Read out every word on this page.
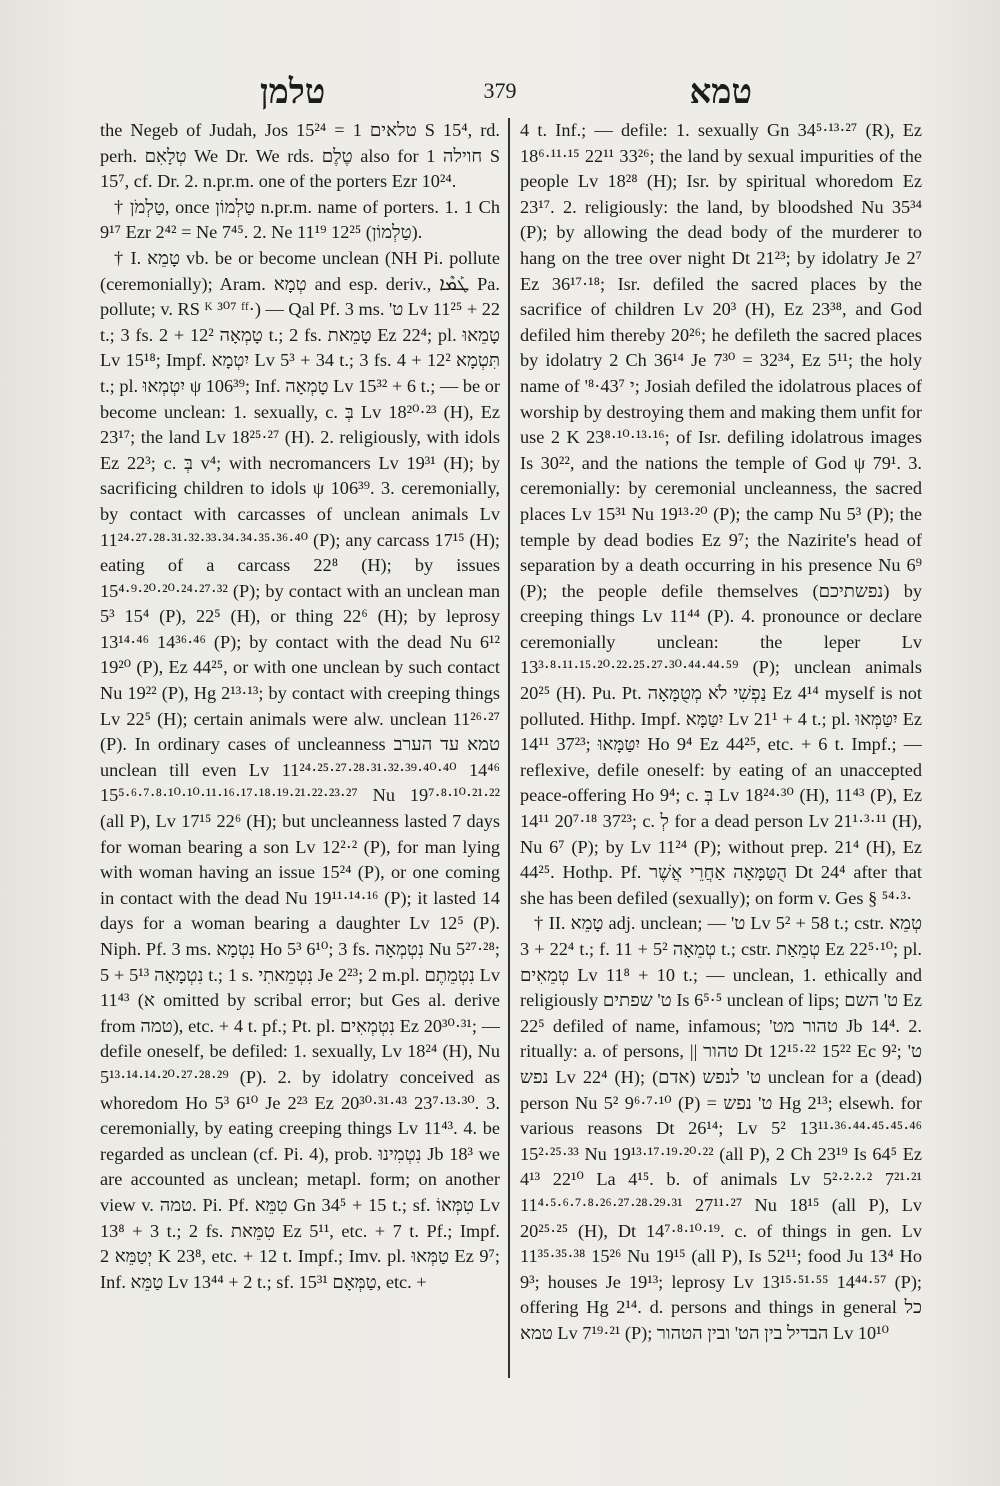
טלמן	379	טמא

the Negeb of Judah, Jos 15²⁴ = טלאים 1 S 15⁴, rd. perh. טְלָאִם We Dr. We rds. טֶלֶם also for חוילה 1 S 15⁷, cf. Dr. 2. n.pr.m. one of the porters Ezr 10²⁴.

† טַלְמֹן, once טַלְמוֹן n.pr.m. name of porters. 1. 1 Ch 9¹⁷ Ezr 2⁴² = Ne 7⁴⁵. 2. Ne 11¹⁹ 12²⁵ (טַלְמוֹן).

† I. טָמֵא vb. be or become unclean (NH Pi. pollute (ceremonially); Aram. טְמָא and esp. deriv., ܛܰܡܶܐ Pa. pollute; v. RS ᴷ ³⁰⁷ ᶠᶠ·) — Qal Pf. 3 ms. 'ט Lv 11²⁵ + 22 t.; 3 fs. טָמְאָה 12² + 2 t.; 2 fs. טָמֵאת Ez 22⁴; pl. טָמֵאוּ Lv 15¹⁸; Impf. יִטְמָא Lv 5³ + 34 t.; 3 fs. תִּטְמָא 12² + 4 t.; pl. יִטְמְאוּ ψ 106³⁹; Inf. טָמְאָה Lv 15³² + 6 t.; — be or become unclean: 1. sexually, c. בְּ Lv 18²⁰·²³ (H), Ez 23¹⁷; the land Lv 18²⁵·²⁷ (H). 2. religiously, with idols Ez 22³; c. בְּ v⁴; with necromancers Lv 19³¹ (H); by sacrificing children to idols ψ 106³⁹. 3. ceremonially, by contact with carcasses of unclean animals Lv 11²⁴·²⁷·²⁸·³¹·³²·³³·³⁴·³⁴·³⁵·³⁶·⁴⁰ (P); any carcass 17¹⁵ (H); eating of a carcass 22⁸ (H); by issues 15⁴·⁹·²⁰·²⁰·²⁴·²⁷·³² (P); by contact with an unclean man 5³ 15⁴ (P), 22⁵ (H), or thing 22⁶ (H); by leprosy 13¹⁴·⁴⁶ 14³⁶·⁴⁶ (P); by contact with the dead Nu 6¹² 19²⁰ (P), Ez 44²⁵, or with one unclean by such contact Nu 19²² (P), Hg 2¹³·¹³; by contact with creeping things Lv 22⁵ (H); certain animals were alw. unclean 11²⁶·²⁷ (P). In ordinary cases of uncleanness טמא עד הערב unclean till even Lv 11²⁴·²⁵·²⁷·²⁸·³¹·³²·³⁹·⁴⁰·⁴⁰ 14⁴⁶ 15⁵·⁶·⁷·⁸·¹⁰·¹⁰·¹¹·¹⁶·¹⁷·¹⁸·¹⁹·²¹·²²·²³·²⁷ Nu 19⁷·⁸·¹⁰·²¹·²² (all P), Lv 17¹⁵ 22⁶ (H); but uncleanness lasted 7 days for woman bearing a son Lv 12²·² (P), for man lying with woman having an issue 15²⁴ (P), or one coming in contact with the dead Nu 19¹¹·¹⁴·¹⁶ (P); it lasted 14 days for a woman bearing a daughter Lv 12⁵ (P). Niph. Pf. 3 ms. נִטְמָא Ho 5³ 6¹⁰; 3 fs. נִטְמְאָה Nu 5²⁷·²⁸; נִטְמָאָה 5¹³ + 5 t.; 1 s. נִטְמֵאתִי Je 2²³; 2 m.pl. נִטְמֵתֶם Lv 11⁴³ (א omitted by scribal error; but Ges al. derive from טמה), etc. + 4 t. pf.; Pt. pl. נִטְמְאִים Ez 20³⁰·³¹; — defile oneself, be defiled: 1. sexually, Lv 18²⁴ (H), Nu 5¹³·¹⁴·¹⁴·²⁰·²⁷·²⁸·²⁹ (P). 2. by idolatry conceived as whoredom Ho 5³ 6¹⁰ Je 2²³ Ez 20³⁰·³¹·⁴³ 23⁷·¹³·³⁰. 3. ceremonially, by eating creeping things Lv 11⁴³. 4. be regarded as unclean (cf. Pi. 4), prob. נִטְמִינוּ Jb 18³ we are accounted as unclean; metapl. form; on another view v. טמה. Pi. Pf. טִמֵּא Gn 34⁵ + 15 t.; sf. טִמְּאוֹ Lv 13⁸ + 3 t.; 2 fs. טִמֵּאת Ez 5¹¹, etc. + 7 t. Pf.; Impf. יְטַמֵּא 2 K 23⁸, etc. + 12 t. Impf.; Imv. pl. טַמְּאוּ Ez 9⁷; Inf. טַמֵּא Lv 13⁴⁴ + 2 t.; sf. טַמְּאָם 15³¹, etc. +

4 t. Inf.; — defile: 1. sexually Gn 34⁵·¹³·²⁷ (R), Ez 18⁶·¹¹·¹⁵ 22¹¹ 33²⁶; the land by sexual impurities of the people Lv 18²⁸ (H); Isr. by spiritual whoredom Ez 23¹⁷. 2. religiously: the land, by bloodshed Nu 35³⁴ (P); by allowing the dead body of the murderer to hang on the tree over night Dt 21²³; by idolatry Je 2⁷ Ez 36¹⁷·¹⁸; Isr. defiled the sacred places by the sacrifice of children Lv 20³ (H), Ez 23³⁸, and God defiled him thereby 20²⁶; he defileth the sacred places by idolatry 2 Ch 36¹⁴ Je 7³⁰ = 32³⁴, Ez 5¹¹; the holy name of 'י 43⁷·⁸; Josiah defiled the idolatrous places of worship by destroying them and making them unfit for use 2 K 23⁸·¹⁰·¹³·¹⁶; of Isr. defiling idolatrous images Is 30²², and the nations the temple of God ψ 79¹. 3. ceremonially: by ceremonial uncleanness, the sacred places Lv 15³¹ Nu 19¹³·²⁰ (P); the camp Nu 5³ (P); the temple by dead bodies Ez 9⁷; the Nazirite's head of separation by a death occurring in his presence Nu 6⁹ (P); the people defile themselves (נפשתיכם) by creeping things Lv 11⁴⁴ (P). 4. pronounce or declare ceremonially unclean: the leper Lv 13³·⁸·¹¹·¹⁵·²⁰·²²·²⁵·²⁷·³⁰·⁴⁴·⁴⁴·⁵⁹ (P); unclean animals 20²⁵ (H). Pu. Pt. נַפְשִׁי לֹא מְטֻמָּאָה Ez 4¹⁴ myself is not polluted. Hithp. Impf. יִטַּמָּא Lv 21¹ + 4 t.; pl. יִטַּמְּאוּ Ez 14¹¹ 37²³; יִטַּמָּאוּ Ho 9⁴ Ez 44²⁵, etc. + 6 t. Impf.; — reflexive, defile oneself: by eating of an unaccepted peace-offering Ho 9⁴; c. בְּ Lv 18²⁴·³⁰ (H), 11⁴³ (P), Ez 14¹¹ 20⁷·¹⁸ 37²³; c. לְ for a dead person Lv 21¹·³·¹¹ (H), Nu 6⁷ (P); by Lv 11²⁴ (P); without prep. 21⁴ (H), Ez 44²⁵. Hothp. Pf. הֻטַּמָּאָה אַחֲרֵי אֲשֶׁר Dt 24⁴ after that she has been defiled (sexually); on form v. Ges § ⁵⁴·³·

† II. טָמֵא adj. unclean; — 'ט Lv 5² + 58 t.; cstr. טְמֵא 22⁴ + 3 t.; f. טְמֵאָה 5² + 11 t.; cstr. טְמֵאַת Ez 22⁵·¹⁰; pl. טְמֵאִים Lv 11⁸ + 10 t.; — unclean, 1. ethically and religiously ט' שפתים Is 6⁵·⁵ unclean of lips; ט' השם Ez 22⁵ defiled of name, infamous; 'טהור מט Jb 14⁴. 2. ritually: a. of persons, || טהור Dt 12¹⁵·²² 15²² Ec 9²; ט' נפש Lv 22⁴ (H); ט' לנפש (אדם) unclean for a (dead) person Nu 5² 9⁶·⁷·¹⁰ (P) = ט' נפש Hg 2¹³; elsewh. for various reasons Dt 26¹⁴; Lv 5² 13¹¹·³⁶·⁴⁴·⁴⁵·⁴⁵·⁴⁶ 15²·²⁵·³³ Nu 19¹³·¹⁷·¹⁹·²⁰·²² (all P), 2 Ch 23¹⁹ Is 64⁵ Ez 4¹³ 22¹⁰ La 4¹⁵. b. of animals Lv 5²·²·²·² 7²¹·²¹ 11⁴·⁵·⁶·⁷·⁸·²⁶·²⁷·²⁸·²⁹·³¹ 27¹¹·²⁷ Nu 18¹⁵ (all P), Lv 20²⁵·²⁵ (H), Dt 14⁷·⁸·¹⁰·¹⁹. c. of things in gen. Lv 11³⁵·³⁵·³⁸ 15²⁶ Nu 19¹⁵ (all P), Is 52¹¹; food Ju 13⁴ Ho 9³; houses Je 19¹³; leprosy Lv 13¹⁵·⁵¹·⁵⁵ 14⁴⁴·⁵⁷ (P); offering Hg 2¹⁴. d. persons and things in general כל טמא Lv 7¹⁹·²¹ (P); הבדיל בין הט' ובין הטהור Lv 10¹⁰
